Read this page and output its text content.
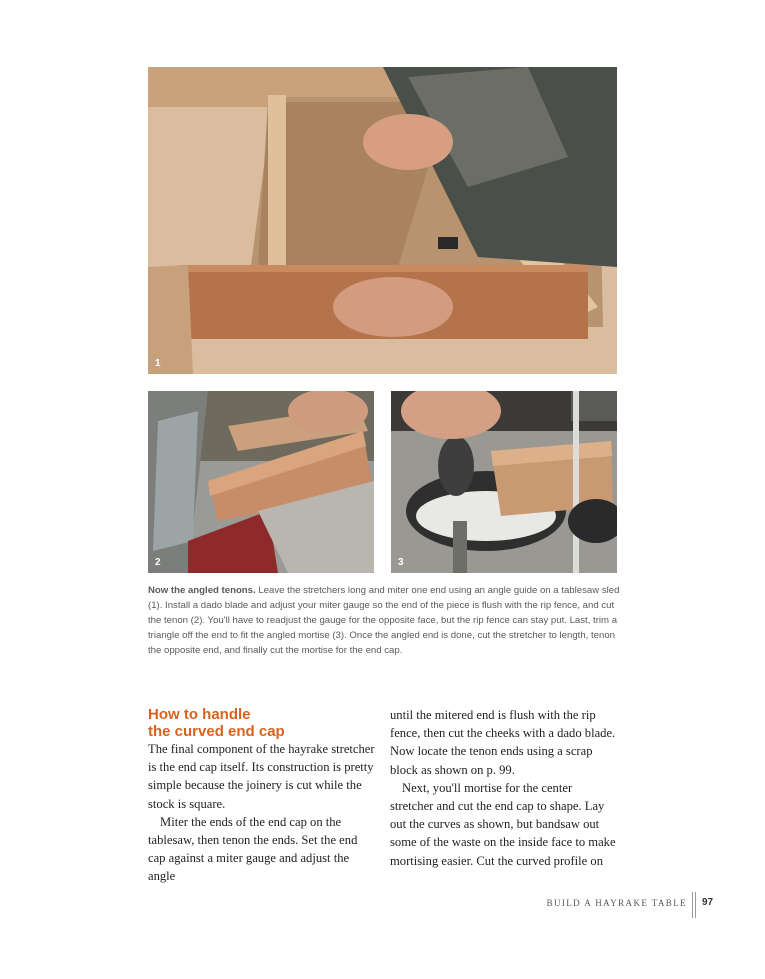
1
2	3
Now the angled tenons. Leave the stretchers long and miter one end using an angle guide on a tablesaw sled (1). Install a dado blade and adjust your miter gauge so the end of the piece is flush with the rip fence, and cut the tenon (2). You'll have to readjust the gauge for the opposite face, but the rip fence can stay put. Last, trim a triangle off the end to fit the angled mortise (3). Once the angled end is done, cut the stretcher to length, tenon the opposite end, and finally cut the mortise for the end cap.
How to handle
the curved end cap

The final component of the hayrake stretcher is the end cap itself. Its construction is pretty simple because the joinery is cut while the stock is square.

Miter the ends of the end cap on the tablesaw, then tenon the ends. Set the end cap against a miter gauge and adjust the angle

until the mitered end is flush with the rip fence, then cut the cheeks with a dado blade. Now locate the tenon ends using a scrap block as shown on p. 99.

Next, you'll mortise for the center stretcher and cut the end cap to shape. Lay out the curves as shown, but bandsaw out some of the waste on the inside face to make mortising easier. Cut the curved profile on

BUILD A HAYRAKE TABLE 97
